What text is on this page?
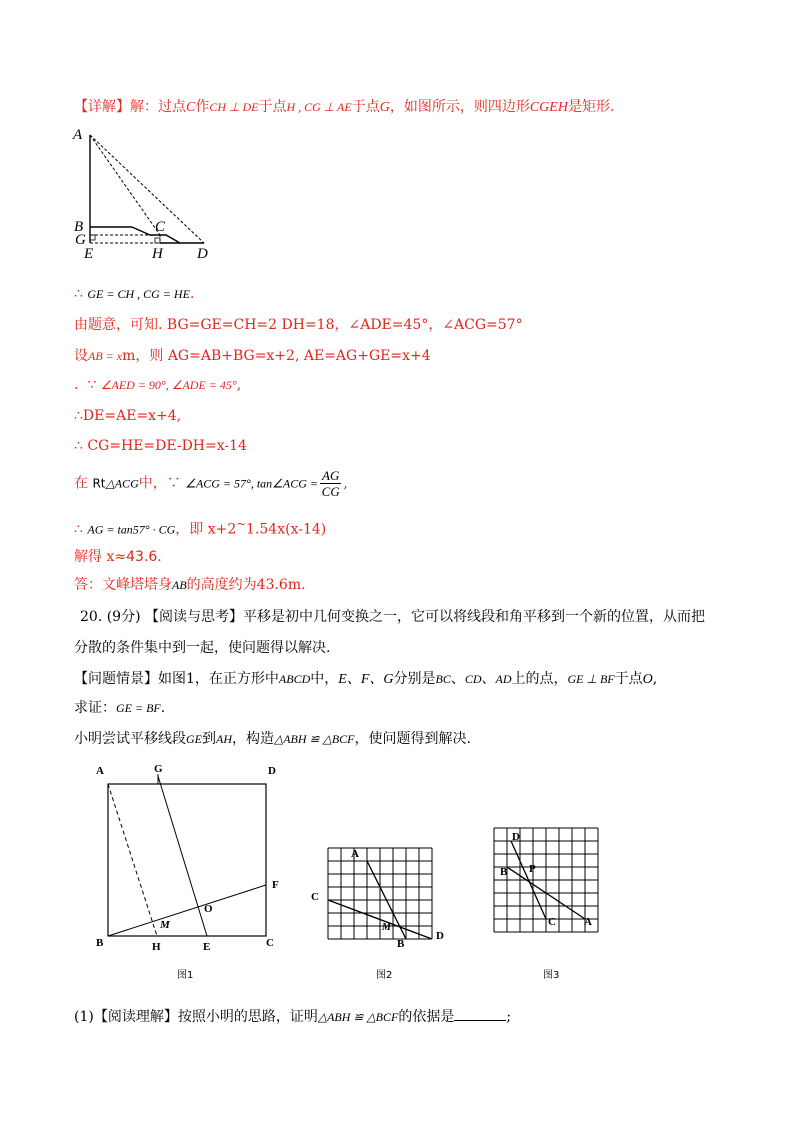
【详解】解：过点C作CH ⊥ DE于点H , CG ⊥ AE于点G，如图所示，则四边形CGEH是矩形.
A
B	C
G
E	H D
∴ GE = CH , CG = HE.
由题意，可知. BG=GE=CH=2 DH=18，∠ADE=45°，∠ACG=57°
设AB = xm，则 AG=AB+BG=x+2, AE=AG+GE=x+4
. ∵ ∠AED = 90°, ∠ADE = 45°,
∴DE=AE=x+4,
∴ CG=HE=DE-DH=x-14
在 Rt△ACG中，∵ ∠ACG = 57°, tan∠ACG = $\frac{AG}{CG}$ ,
∴ AG = tan57° · CG，即 x+2~1.54x(x-14)
解得 x≈43.6.
答：文峰塔塔身AB的高度约为43.6m.
20. (9分) 【阅读与思考】平移是初中几何变换之一，它可以将线段和角平移到一个新的位置，从而把
分散的条件集中到一起，使问题得以解决.
【问题情景】如图1，在正方形中ABCD中，E、F、G分别是BC、CD、AD上的点，GE ⊥ BF于点O,
求证：GE = BF.
小明尝试平移线段GE到AH，构造△ABH ≌ △BCF，使问题得到解决.
A	G	D
F
O
M
B	H	E	C
图1
A
C
M
B
D
图2
D
B P
C	A
图3
(1)【阅读理解】按照小明的思路，证明△ABH ≌ △BCF的依据是	;
